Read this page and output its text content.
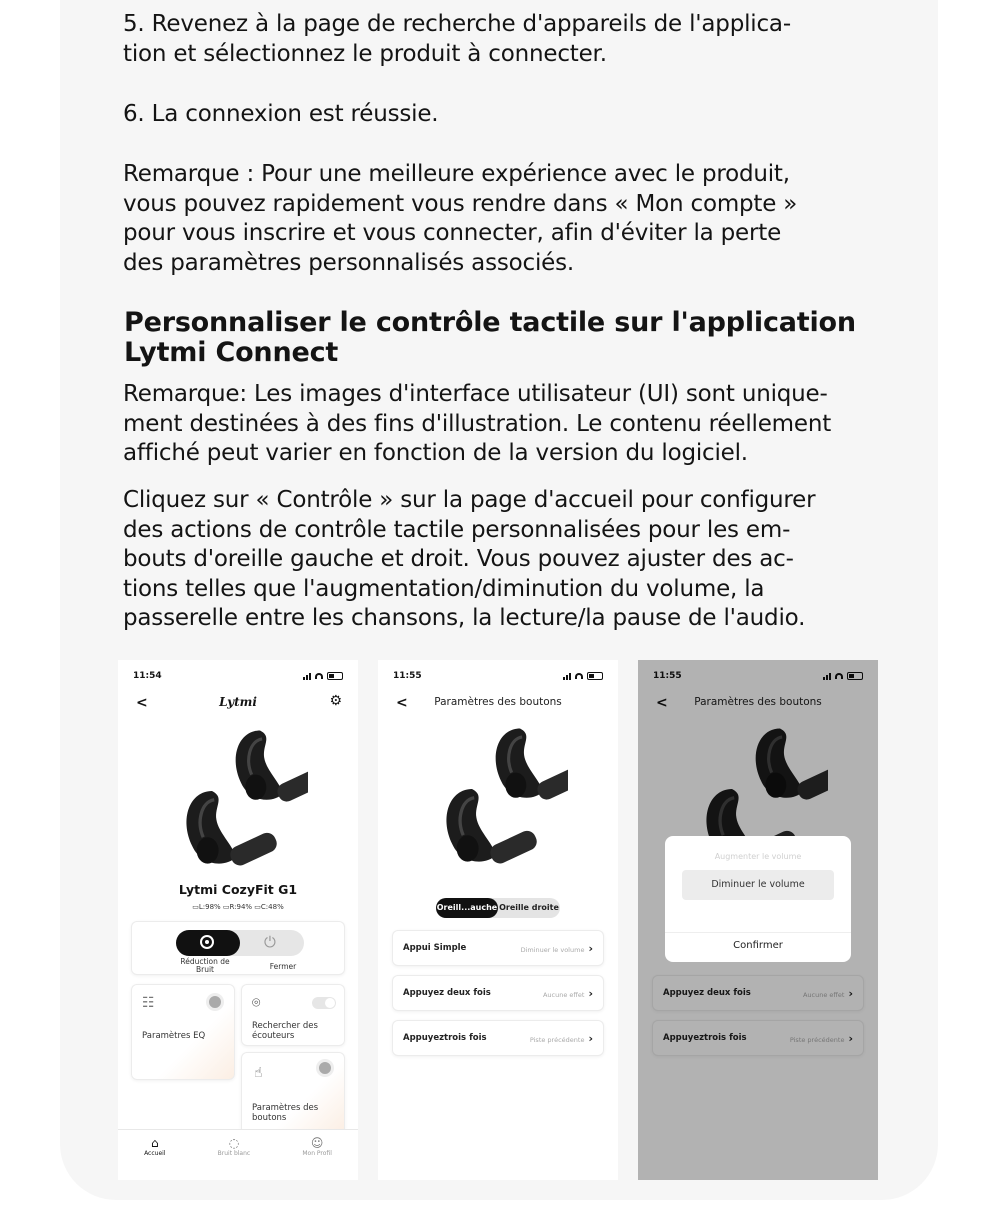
5. Revenez à la page de recherche d'appareils de l'applica-
tion et sélectionnez le produit à connecter.

6. La connexion est réussie.

Remarque : Pour une meilleure expérience avec le produit,
vous pouvez rapidement vous rendre dans « Mon compte »
pour vous inscrire et vous connecter, afin d'éviter la perte
des paramètres personnalisés associés.

Personnaliser le contrôle tactile sur l'application
Lytmi Connect

Remarque: Les images d'interface utilisateur (UI) sont unique-
ment destinées à des fins d'illustration. Le contenu réellement
affiché peut varier en fonction de la version du logiciel.

Cliquez sur « Contrôle » sur la page d'accueil pour configurer
des actions de contrôle tactile personnalisées pour les em-
bouts d'oreille gauche et droit. Vous pouvez ajuster des ac-
tions telles que l'augmentation/diminution du volume, la
passerelle entre les chansons, la lecture/la pause de l'audio.

11:54
<	Lytmi	⚙
Lytmi CozyFit G1
▭L:98% ▭R:94% ▭C:48%
⏻
Réduction de
Bruit	Fermer
☷
Paramètres EQ
⌾
Rechercher des
écouteurs
☝
Paramètres des
boutons
⌂
Accueil
◌
Bruit blanc
☺
Mon Profil
11:55
<	Paramètres des boutons
Oreill...auche Oreille droite
Appui Simple	Diminuer le volume ›
Appuyez deux fois	Aucune effet ›
Appuyeztrois fois	Piste précédente ›
11:55
<	Paramètres des boutons
Appuyez deux fois	Aucune effet ›
Appuyeztrois fois	Piste précédente ›
Augmenter le volume
Diminuer le volume
Confirmer
